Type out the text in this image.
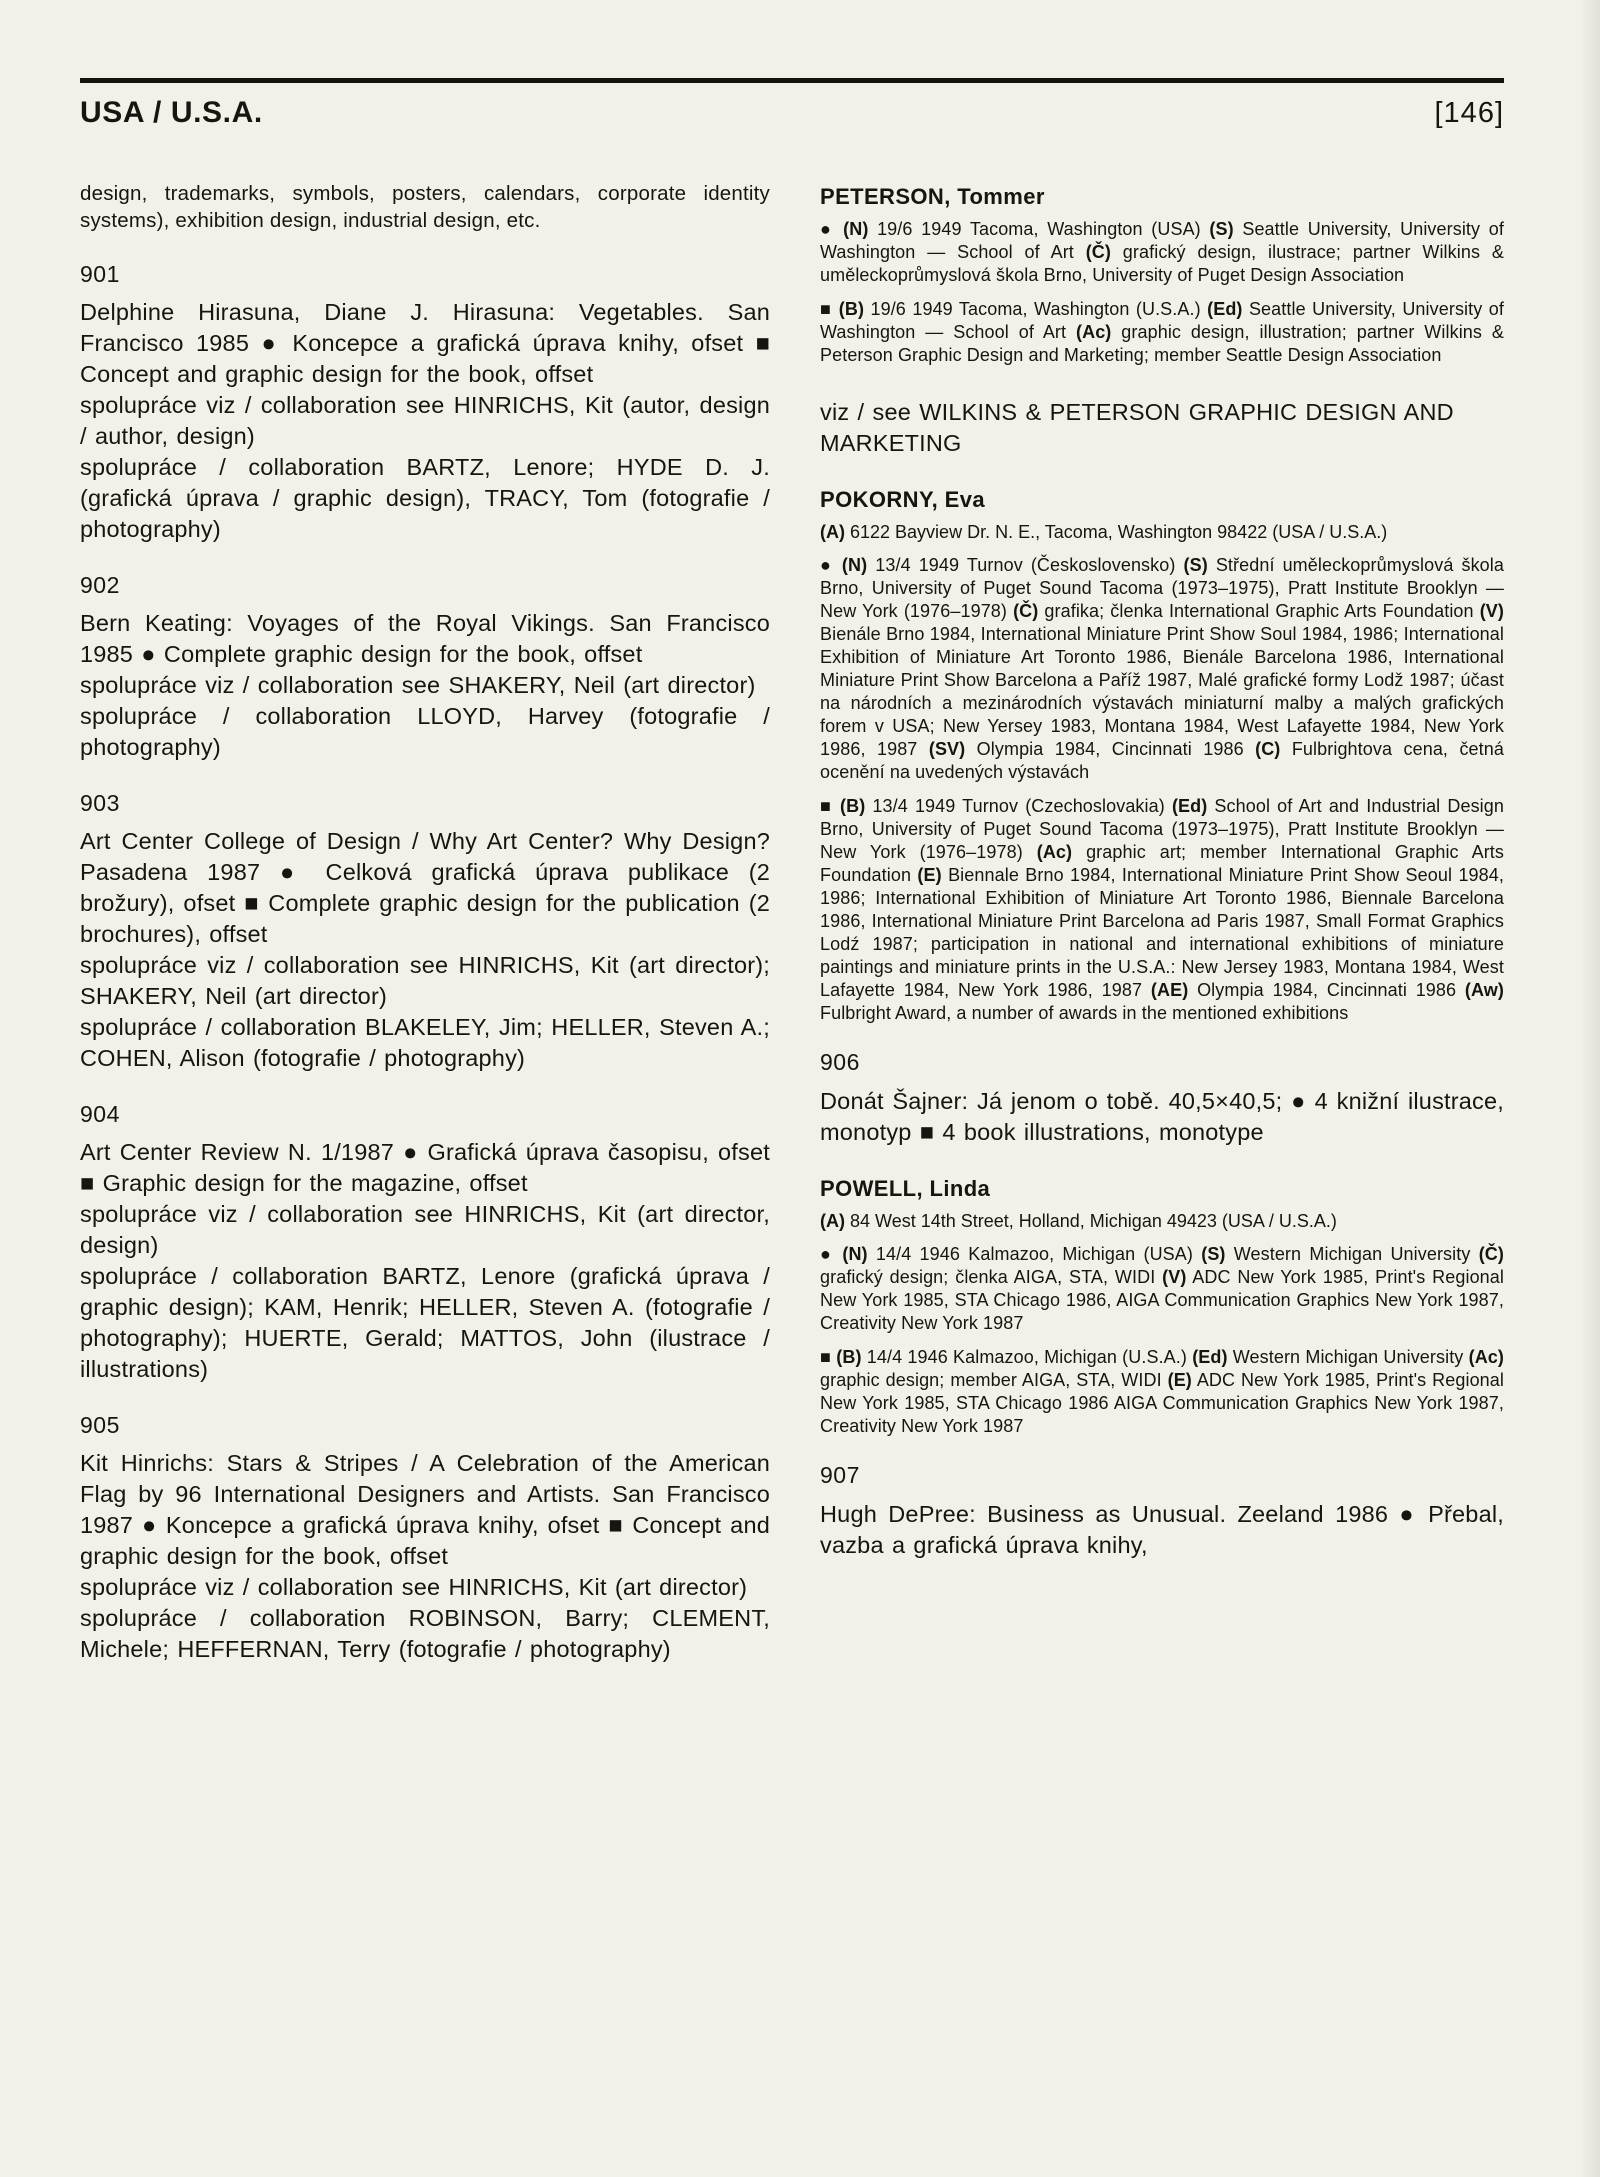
USA / U.S.A.	[146]

design, trademarks, symbols, posters, calendars, corporate identity systems), exhibition design, industrial design, etc.

901

Delphine Hirasuna, Diane J. Hirasuna: Vegetables. San Francisco 1985 ● Koncepce a grafická úprava knihy, ofset ■ Concept and graphic design for the book, offset

spolupráce viz / collaboration see HINRICHS, Kit (autor, design / author, design)

spolupráce / collaboration BARTZ, Lenore; HYDE D. J. (grafická úprava / graphic design), TRACY, Tom (fotografie / photography)

902

Bern Keating: Voyages of the Royal Vikings. San Francisco 1985 ● Complete graphic design for the book, offset

spolupráce viz / collaboration see SHAKERY, Neil (art director)

spolupráce / collaboration LLOYD, Harvey (fotografie / photography)

903

Art Center College of Design / Why Art Center? Why Design? Pasadena 1987 ● Celková grafická úprava publikace (2 brožury), ofset ■ Complete graphic design for the publication (2 brochures), offset

spolupráce viz / collaboration see HINRICHS, Kit (art director); SHAKERY, Neil (art director)

spolupráce / collaboration BLAKELEY, Jim; HELLER, Steven A.; COHEN, Alison (fotografie / photography)

904

Art Center Review N. 1/1987 ● Grafická úprava časopisu, ofset ■ Graphic design for the magazine, offset

spolupráce viz / collaboration see HINRICHS, Kit (art director, design)

spolupráce / collaboration BARTZ, Lenore (grafická úprava / graphic design); KAM, Henrik; HELLER, Steven A. (fotografie / photography); HUERTE, Gerald; MATTOS, John (ilustrace / illustrations)

905

Kit Hinrichs: Stars & Stripes / A Celebration of the American Flag by 96 International Designers and Artists. San Francisco 1987 ● Koncepce a grafická úprava knihy, ofset ■ Concept and graphic design for the book, offset

spolupráce viz / collaboration see HINRICHS, Kit (art director)

spolupráce / collaboration ROBINSON, Barry; CLEMENT, Michele; HEFFERNAN, Terry (fotografie / photography)

PETERSON, Tommer

● (N) 19/6 1949 Tacoma, Washington (USA) (S) Seattle University, University of Washington — School of Art (Č) grafický design, ilustrace; partner Wilkins & uměleckoprůmyslová škola Brno, University of Puget Design Association

■ (B) 19/6 1949 Tacoma, Washington (U.S.A.) (Ed) Seattle University, University of Washington — School of Art (Ac) graphic design, illustration; partner Wilkins & Peterson Graphic Design and Marketing; member Seattle Design Association

viz / see WILKINS & PETERSON GRAPHIC DESIGN AND MARKETING

POKORNY, Eva

(A) 6122 Bayview Dr. N. E., Tacoma, Washington 98422 (USA / U.S.A.)

● (N) 13/4 1949 Turnov (Československo) (S) Střední uměleckoprůmyslová škola Brno, University of Puget Sound Tacoma (1973–1975), Pratt Institute Brooklyn — New York (1976–1978) (Č) grafika; členka International Graphic Arts Foundation (V) Bienále Brno 1984, International Miniature Print Show Soul 1984, 1986; International Exhibition of Miniature Art Toronto 1986, Bienále Barcelona 1986, International Miniature Print Show Barcelona a Paříž 1987, Malé grafické formy Lodž 1987; účast na národních a mezinárodních výstavách miniaturní malby a malých grafických forem v USA; New Yersey 1983, Montana 1984, West Lafayette 1984, New York 1986, 1987 (SV) Olympia 1984, Cincinnati 1986 (C) Fulbrightova cena, četná ocenění na uvedených výstavách

■ (B) 13/4 1949 Turnov (Czechoslovakia) (Ed) School of Art and Industrial Design Brno, University of Puget Sound Tacoma (1973–1975), Pratt Institute Brooklyn — New York (1976–1978) (Ac) graphic art; member International Graphic Arts Foundation (E) Biennale Brno 1984, International Miniature Print Show Seoul 1984, 1986; International Exhibition of Miniature Art Toronto 1986, Biennale Barcelona 1986, International Miniature Print Barcelona ad Paris 1987, Small Format Graphics Lodź 1987; participation in national and international exhibitions of miniature paintings and miniature prints in the U.S.A.: New Jersey 1983, Montana 1984, West Lafayette 1984, New York 1986, 1987 (AE) Olympia 1984, Cincinnati 1986 (Aw) Fulbright Award, a number of awards in the mentioned exhibitions

906

Donát Šajner: Já jenom o tobě. 40,5×40,5; ● 4 knižní ilustrace, monotyp ■ 4 book illustrations, monotype

POWELL, Linda

(A) 84 West 14th Street, Holland, Michigan 49423 (USA / U.S.A.)

● (N) 14/4 1946 Kalmazoo, Michigan (USA) (S) Western Michigan University (Č) grafický design; členka AIGA, STA, WIDI (V) ADC New York 1985, Print's Regional New York 1985, STA Chicago 1986, AIGA Communication Graphics New York 1987, Creativity New York 1987

■ (B) 14/4 1946 Kalmazoo, Michigan (U.S.A.) (Ed) Western Michigan University (Ac) graphic design; member AIGA, STA, WIDI (E) ADC New York 1985, Print's Regional New York 1985, STA Chicago 1986 AIGA Communication Graphics New York 1987, Creativity New York 1987

907

Hugh DePree: Business as Unusual. Zeeland 1986 ● Přebal, vazba a grafická úprava knihy,
